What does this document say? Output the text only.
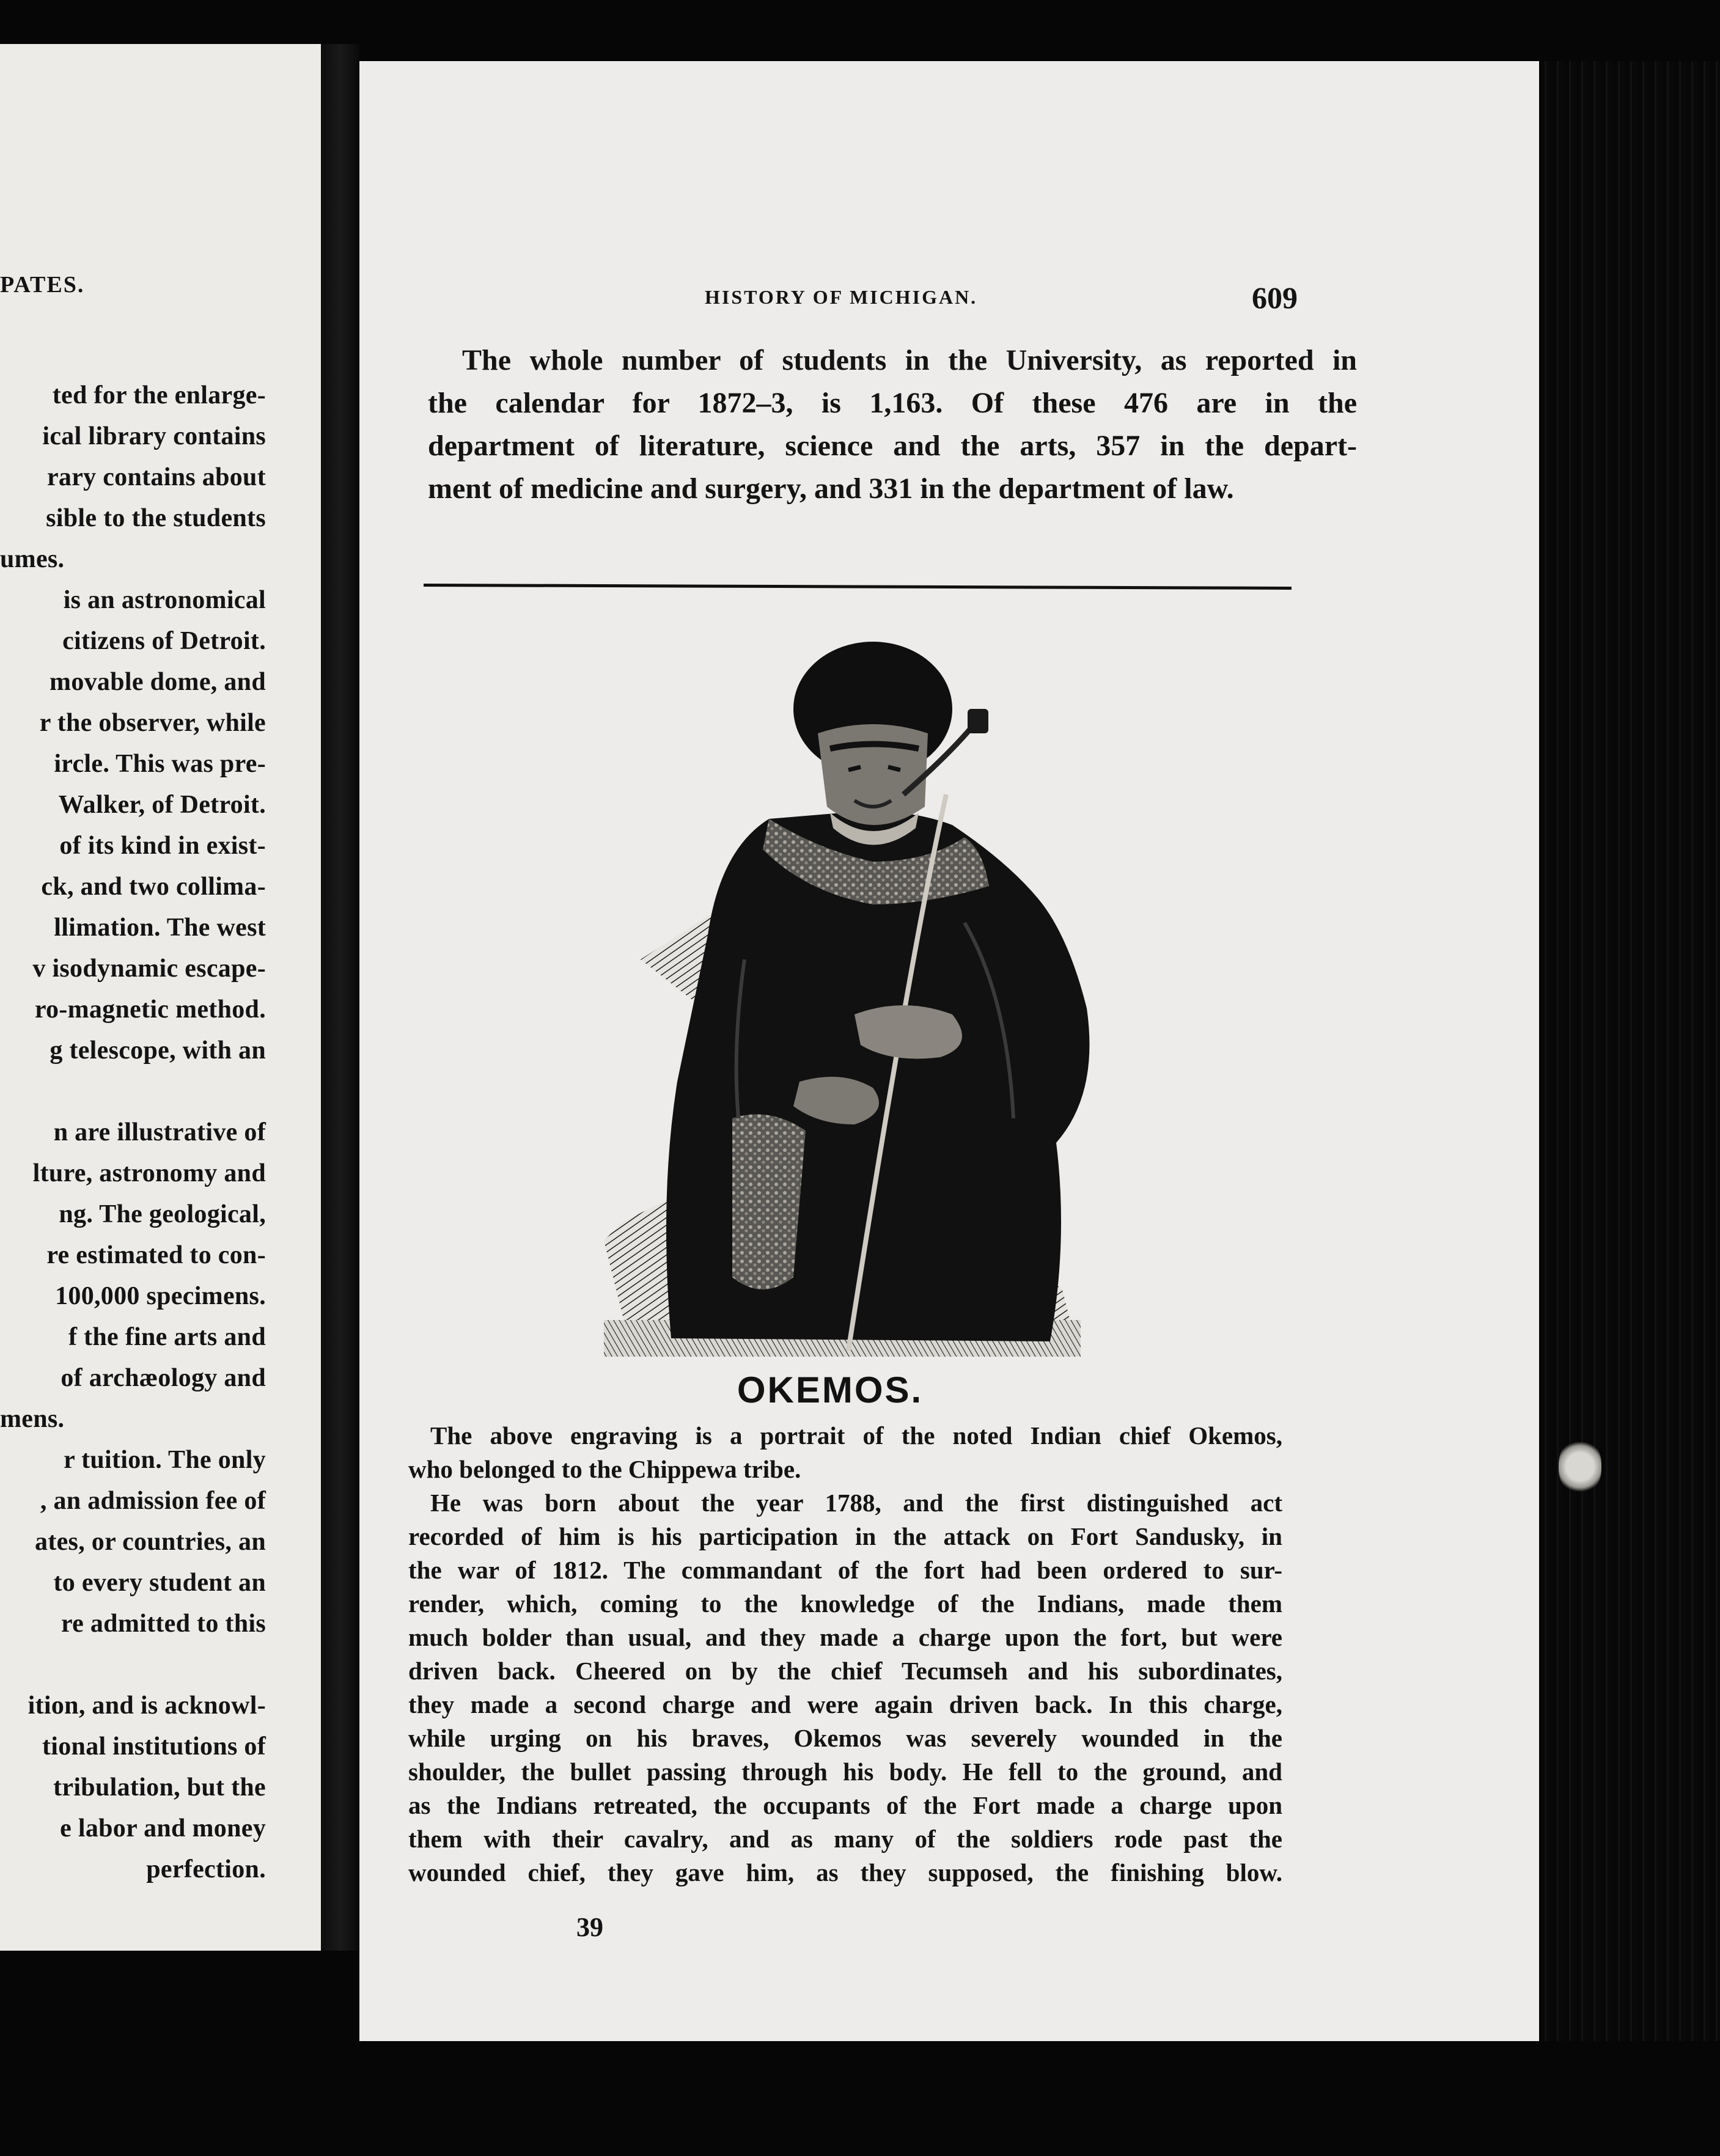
PATES.
ted for the enlarge-
ical library contains
rary contains about
sible to the students
umes.
is an astronomical
citizens of Detroit.
movable dome, and
r the observer, while
ircle. This was pre-
Walker, of Detroit.
of its kind in exist-
ck, and two collima-
llimation. The west
v isodynamic escape-
ro-magnetic method.
g telescope, with an
n are illustrative of
lture, astronomy and
ng. The geological,
re estimated to con-
100,000 specimens.
f the fine arts and
of archæology and
mens.
r tuition. The only
, an admission fee of
ates, or countries, an
to every student an
re admitted to this
ition, and is acknowl-
tional institutions of
tribulation, but the
e labor and money
perfection.
HISTORY OF MICHIGAN.	609
The whole number of students in the University, as reported in
the calendar for 1872–3, is 1,163. Of these 476 are in the
department of literature, science and the arts, 357 in the depart-
ment of medicine and surgery, and 331 in the department of law.
OKEMOS.
The above engraving is a portrait of the noted Indian chief Okemos,
who belonged to the Chippewa tribe.
He was born about the year 1788, and the first distinguished act
recorded of him is his participation in the attack on Fort Sandusky, in
the war of 1812. The commandant of the fort had been ordered to sur-
render, which, coming to the knowledge of the Indians, made them
much bolder than usual, and they made a charge upon the fort, but were
driven back. Cheered on by the chief Tecumseh and his subordinates,
they made a second charge and were again driven back. In this charge,
while urging on his braves, Okemos was severely wounded in the
shoulder, the bullet passing through his body. He fell to the ground, and
as the Indians retreated, the occupants of the Fort made a charge upon
them with their cavalry, and as many of the soldiers rode past the
wounded chief, they gave him, as they supposed, the finishing blow.
39
